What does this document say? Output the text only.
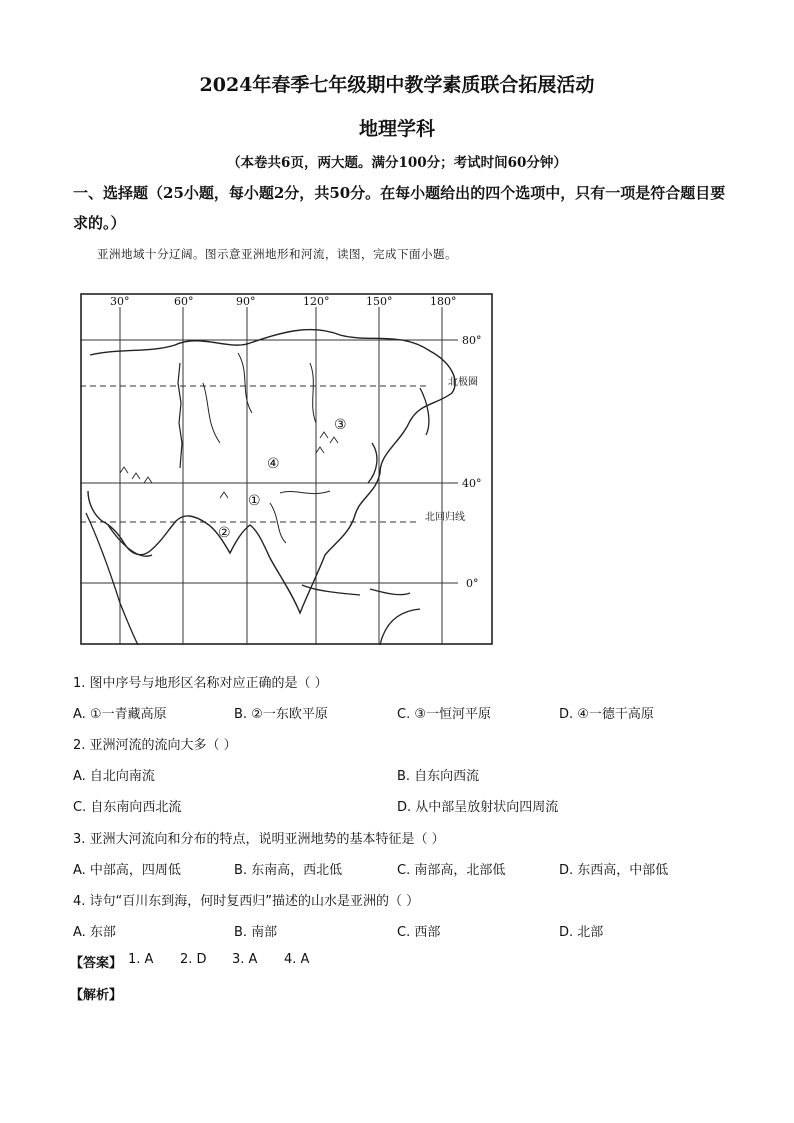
2024年春季七年级期中教学素质联合拓展活动
地理学科
（本卷共6页，两大题。满分100分；考试时间60分钟）
一、选择题（25小题，每小题2分，共50分。在每小题给出的四个选项中，只有一项是符合题目要求的。）
亚洲地域十分辽阔。图示意亚洲地形和河流，读图，完成下面小题。
30°	60°	90°	120°	150°	180°
80°
40°
0°
北极圈
北回归线
①
②
③
④
1. 图中序号与地形区名称对应正确的是（ ）
A. ①一青藏高原	B. ②一东欧平原	C. ③一恒河平原	D. ④一德干高原
2. 亚洲河流的流向大多（ ）
A. 自北向南流	B. 自东向西流
C. 自东南向西北流	D. 从中部呈放射状向四周流
3. 亚洲大河流向和分布的特点，说明亚洲地势的基本特征是（ ）
A. 中部高，四周低	B. 东南高，西北低	C. 南部高，北部低	D. 东西高，中部低
4. 诗句“百川东到海，何时复西归”描述的山水是亚洲的（ ）
A. 东部	B. 南部	C. 西部	D. 北部
【答案】 1. A 2. D 3. A 4. A
【解析】
